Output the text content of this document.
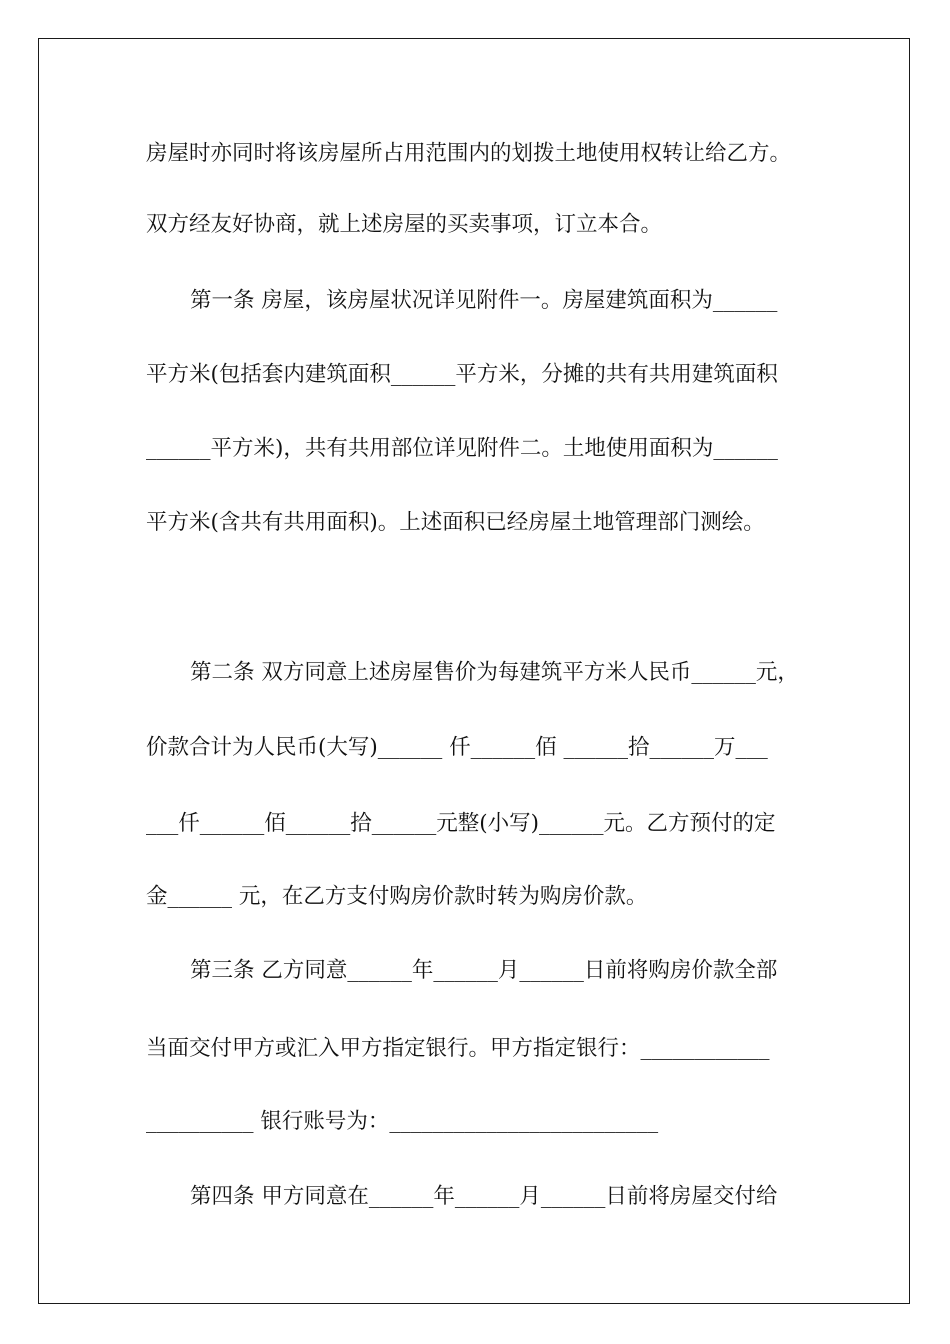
房屋时亦同时将该房屋所占用范围内的划拨土地使用权转让给乙方。
双方经友好协商，就上述房屋的买卖事项，订立本合。
第一条 房屋，该房屋状况详见附件一。房屋建筑面积为______
平方米(包括套内建筑面积______平方米，分摊的共有共用建筑面积
______平方米)，共有共用部位详见附件二。土地使用面积为______
平方米(含共有共用面积)。上述面积已经房屋土地管理部门测绘。
第二条 双方同意上述房屋售价为每建筑平方米人民币______元，
价款合计为人民币(大写)______ 仟______佰 ______拾______万___
___仟______佰______拾______元整(小写)______元。乙方预付的定
金______ 元，在乙方支付购房价款时转为购房价款。
第三条 乙方同意______年______月______日前将购房价款全部
当面交付甲方或汇入甲方指定银行。甲方指定银行：____________
__________ 银行账号为：_________________________
第四条 甲方同意在______年______月______日前将房屋交付给
